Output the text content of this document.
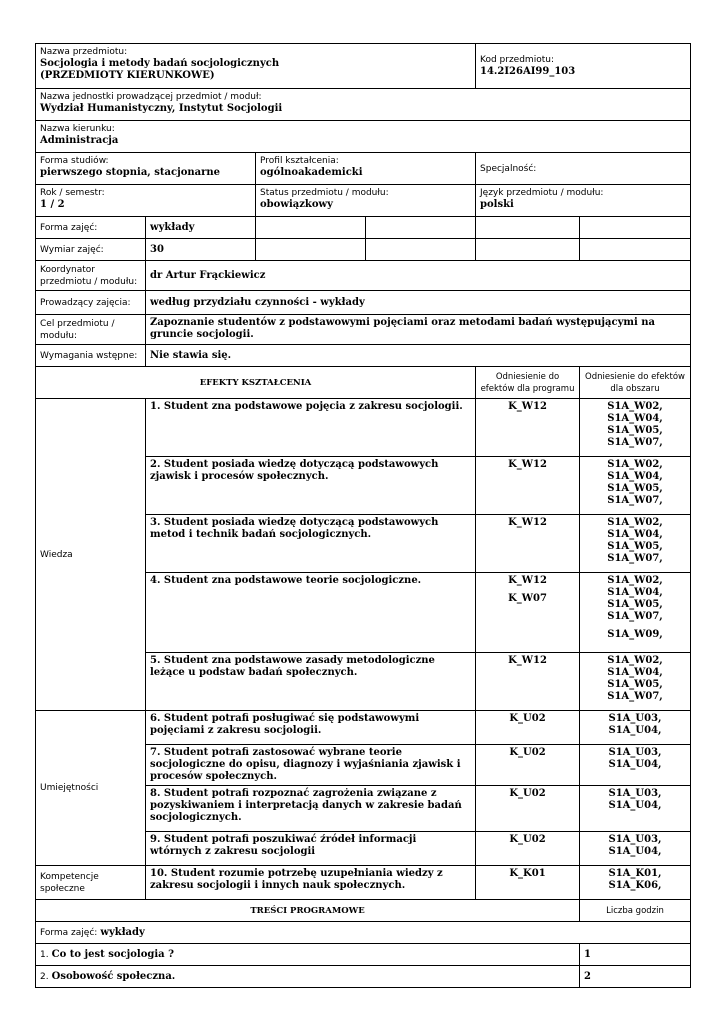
Nazwa przedmiotu:
Socjologia i metody badań socjologicznych
(PRZEDMIOTY KIERUNKOWE)				Kod przedmiotu:
14.2I26AI99_103	

Nazwa jednostki prowadzącej przedmiot / moduł:
Wydział Humanistyczny, Instytut Socjologii					

Nazwa kierunku:
Administracja					

Forma studiów:
pierwszego stopnia, stacjonarne		Profil kształcenia:
ogólnoakademicki		Specjalność:	

Rok / semestr:
1 / 2		Status przedmiotu / modułu:
obowiązkowy		Język przedmiotu / modułu:
polski	

Forma zajęć:	wykłady				
Wymiar zajęć:	30				
Koordynator przedmiotu / modułu:	dr Artur Frąckiewicz				
Prowadzący zajęcia:	według przydziału czynności - wykłady				
Cel przedmiotu / modułu:	Zapoznanie studentów z podstawowymi pojęciami oraz metodami badań występującymi na gruncie socjologii.				
Wymagania wstępne:	Nie stawia się.				
EFEKTY KSZTAŁCENIA				Odniesienie do efektów dla programu	Odniesienie do efektów dla obszaru
Wiedza	1. Student zna podstawowe pojęcia z zakresu socjologii.			K_W12	S1A_W02,
S1A_W04,
S1A_W05,
S1A_W07,

	2. Student posiada wiedzę dotyczącą podstawowych zjawisk i procesów społecznych.			K_W12	S1A_W02,
S1A_W04,
S1A_W05,
S1A_W07,

	3. Student posiada wiedzę dotyczącą podstawowych metod i technik badań socjologicznych.			K_W12	S1A_W02,
S1A_W04,
S1A_W05,
S1A_W07,

	4. Student zna podstawowe teorie socjologiczne.			K_W12
K_W07	S1A_W02,
S1A_W04,
S1A_W05,
S1A_W07,
S1A_W09,

	5. Student zna podstawowe zasady metodologiczne leżące u podstaw badań społecznych.			K_W12	S1A_W02,
S1A_W04,
S1A_W05,
S1A_W07,

Umiejętności	6. Student potrafi posługiwać się podstawowymi pojęciami z zakresu socjologii.			K_U02	S1A_U03, S1A_U04,
	7. Student potrafi zastosować wybrane teorie socjologiczne do opisu, diagnozy i wyjaśniania zjawisk i procesów społecznych.			K_U02	S1A_U03, S1A_U04,
	8. Student potrafi rozpoznać zagrożenia związane z pozyskiwaniem i interpretacją danych w zakresie badań socjologicznych.			K_U02	S1A_U03, S1A_U04,
	9. Student potrafi poszukiwać źródeł informacji wtórnych z zakresu socjologii			K_U02	S1A_U03, S1A_U04,
Kompetencje społeczne	10. Student rozumie potrzebę uzupełniania wiedzy z zakresu socjologii i innych nauk społecznych.			K_K01	S1A_K01, S1A_K06,
TREŚCI PROGRAMOWE					Liczba godzin
Forma zajęć: wykłady					
1. Co to jest socjologia ?					1
2. Osobowość społeczna.					2
